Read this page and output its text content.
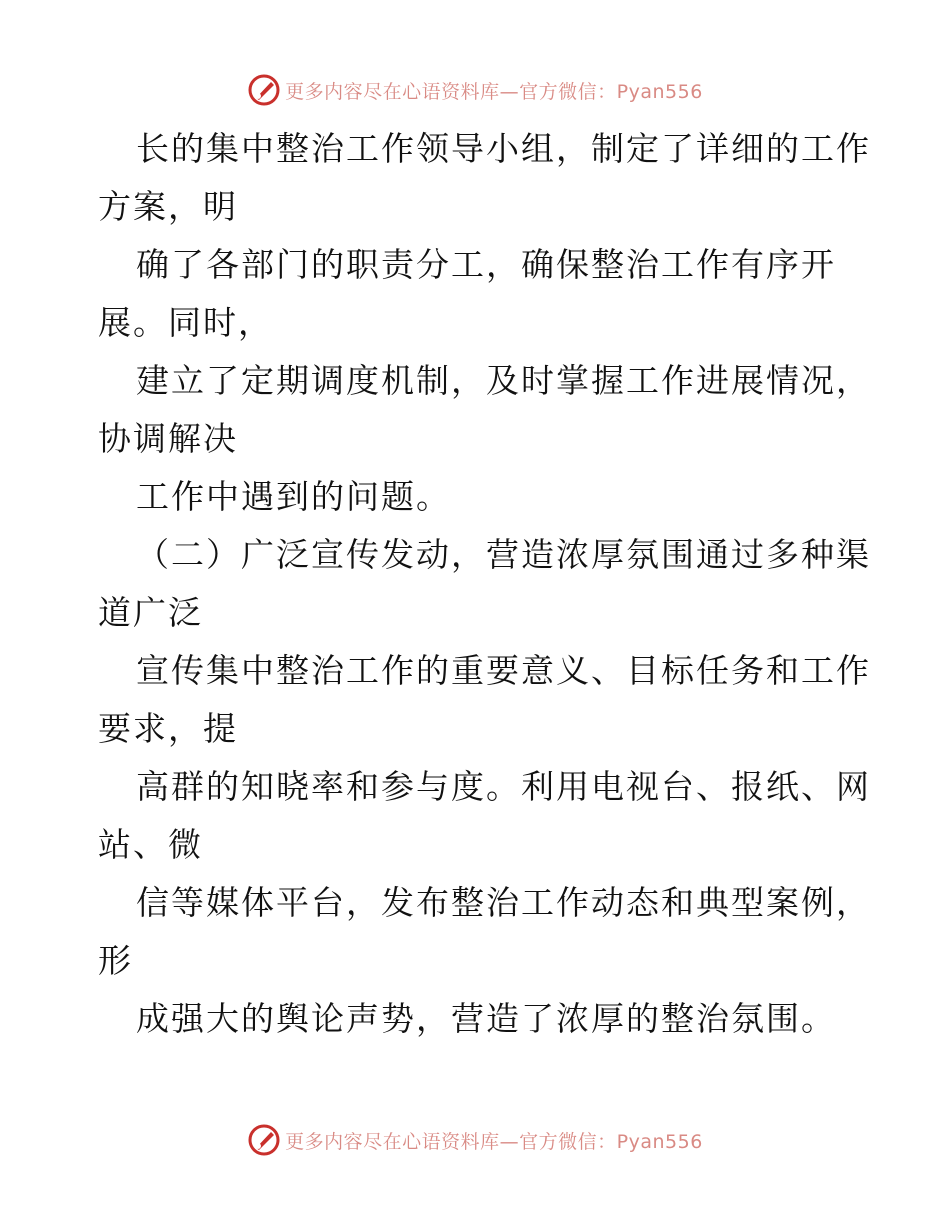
更多内容尽在心语资料库—官方微信：Pyan556
长的集中整治工作领导小组，制定了详细的工作
方案，明
确了各部门的职责分工，确保整治工作有序开
展。同时，
建立了定期调度机制，及时掌握工作进展情况，
协调解决
工作中遇到的问题。
（二）广泛宣传发动，营造浓厚氛围通过多种渠
道广泛
宣传集中整治工作的重要意义、目标任务和工作
要求，提
高群的知晓率和参与度。利用电视台、报纸、网
站、微
信等媒体平台，发布整治工作动态和典型案例，
形
成强大的舆论声势，营造了浓厚的整治氛围。
更多内容尽在心语资料库—官方微信：Pyan556
